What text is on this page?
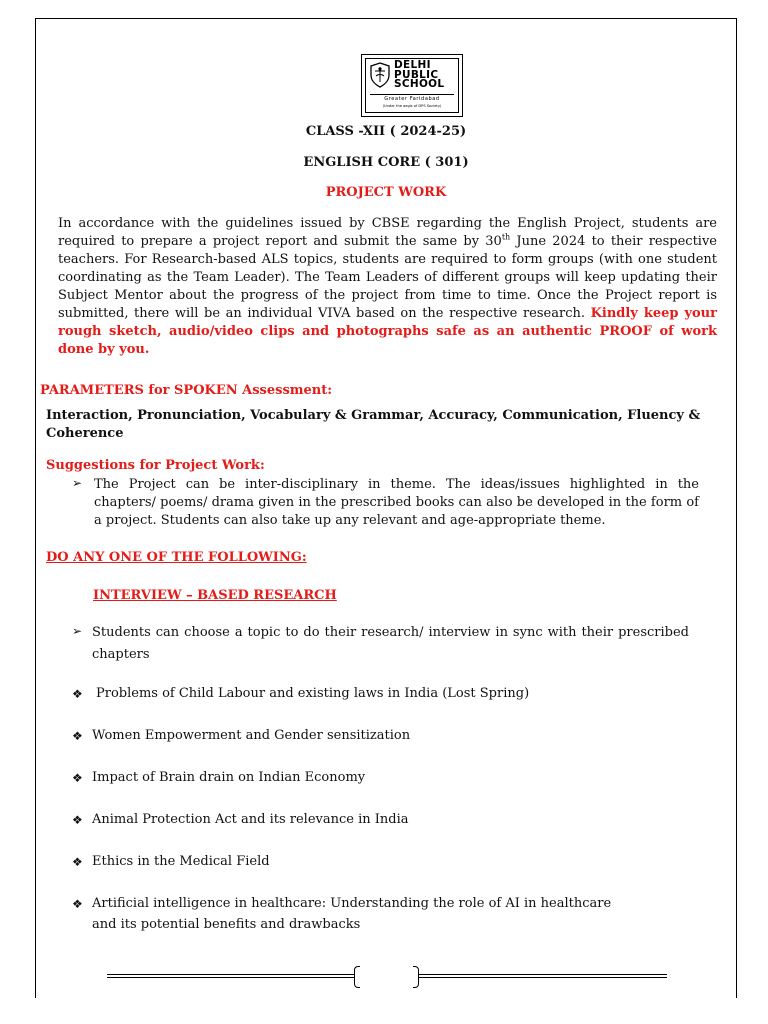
DELHI
PUBLIC
SCHOOL
Greater Faridabad
(Under the aegis of DPS Society)
CLASS -XII ( 2024-25)
ENGLISH CORE ( 301)
PROJECT WORK
In accordance with the guidelines issued by CBSE regarding the English Project, students are required to prepare a project report and submit the same by 30th June 2024 to their respective teachers. For Research-based ALS topics, students are required to form groups (with one student coordinating as the Team Leader). The Team Leaders of different groups will keep updating their Subject Mentor about the progress of the project from time to time. Once the Project report is submitted, there will be an individual VIVA based on the respective research. Kindly keep your rough sketch, audio/video clips and photographs safe as an authentic PROOF of work done by you.
PARAMETERS for SPOKEN Assessment:
Interaction, Pronunciation, Vocabulary & Grammar, Accuracy, Communication, Fluency & Coherence
Suggestions for Project Work:
➢ The Project can be inter-disciplinary in theme. The ideas/issues highlighted in the chapters/ poems/ drama given in the prescribed books can also be developed in the form of a project. Students can also take up any relevant and age-appropriate theme.
DO ANY ONE OF THE FOLLOWING:
INTERVIEW – BASED RESEARCH
➢ Students can choose a topic to do their research/ interview in sync with their prescribed chapters
❖ Problems of Child Labour and existing laws in India (Lost Spring)
❖ Women Empowerment and Gender sensitization
❖ Impact of Brain drain on Indian Economy
❖ Animal Protection Act and its relevance in India
❖ Ethics in the Medical Field
❖ Artificial intelligence in healthcare: Understanding the role of AI in healthcare
and its potential benefits and drawbacks
